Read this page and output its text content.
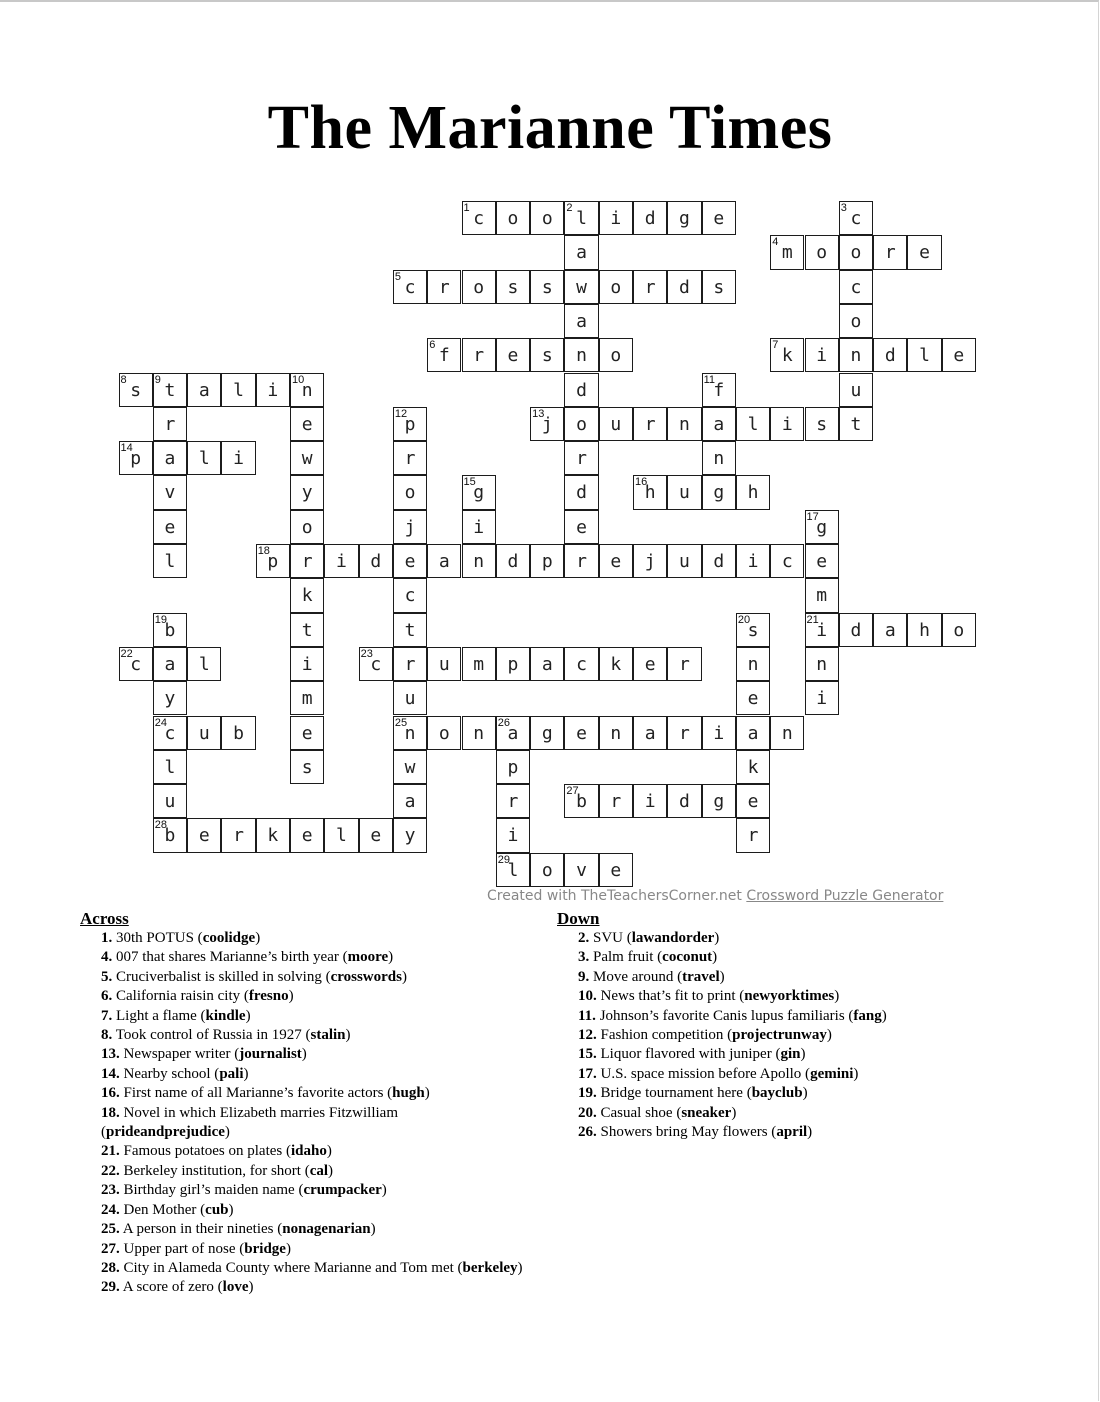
The Marianne Times
1 c	o	o	2 l	i	d	g	e	3 c
a	4 m	o	o	r	e
5 c	r	o	s	s	w	o	r	d	s	c
a	o
6 f	r	e	s	n	o	7 k	i	n	d	l	e
8 s	9 t	a	l	i	10
n	d	11
f	u
r	e	12
p	13
j	o	u	r	n	a	l	i	s	t
14
p	a	l	i	w	r	r	n
v	y	o	15
g	d	16
h	u	g	h
e	o	j	i	e	17
g
l	18
p	r	i	d	e	a	n	d	p	r	e	j	u	d	i	c	e
k	c	m
19
b	t	t	20
s	21
i	d	a	h	o
22
c	a	l	i	23
c	r	u	m	p	a	c	k	e	r	n	n
y	m	u	e	i
24
c	u	b	e	25
n	o	n	26
a	g	e	n	a	r	i	a	n
l	s	w	p	k
u	a	r	27
b	r	i	d	g	e
28
b	e	r	k	e	l	e	y	i	r
29
l	o	v	e
Created with TheTeachersCorner.net Crossword Puzzle Generator
Across
1. 30th POTUS (coolidge)
4. 007 that shares Marianne’s birth year (moore)
5. Cruciverbalist is skilled in solving (crosswords)
6. California raisin city (fresno)
7. Light a flame (kindle)
8. Took control of Russia in 1927 (stalin)
13. Newspaper writer (journalist)
14. Nearby school (pali)
16. First name of all Marianne’s favorite actors (hugh)
18. Novel in which Elizabeth marries Fitzwilliam (prideandprejudice)
21. Famous potatoes on plates (idaho)
22. Berkeley institution, for short (cal)
23. Birthday girl’s maiden name (crumpacker)
24. Den Mother (cub)
25. A person in their nineties (nonagenarian)
27. Upper part of nose (bridge)
28. City in Alameda County where Marianne and Tom met (berkeley)
29. A score of zero (love)
Down
2. SVU (lawandorder)
3. Palm fruit (coconut)
9. Move around (travel)
10. News that’s fit to print (newyorktimes)
11. Johnson’s favorite Canis lupus familiaris (fang)
12. Fashion competition (projectrunway)
15. Liquor flavored with juniper (gin)
17. U.S. space mission before Apollo (gemini)
19. Bridge tournament here (bayclub)
20. Casual shoe (sneaker)
26. Showers bring May flowers (april)
